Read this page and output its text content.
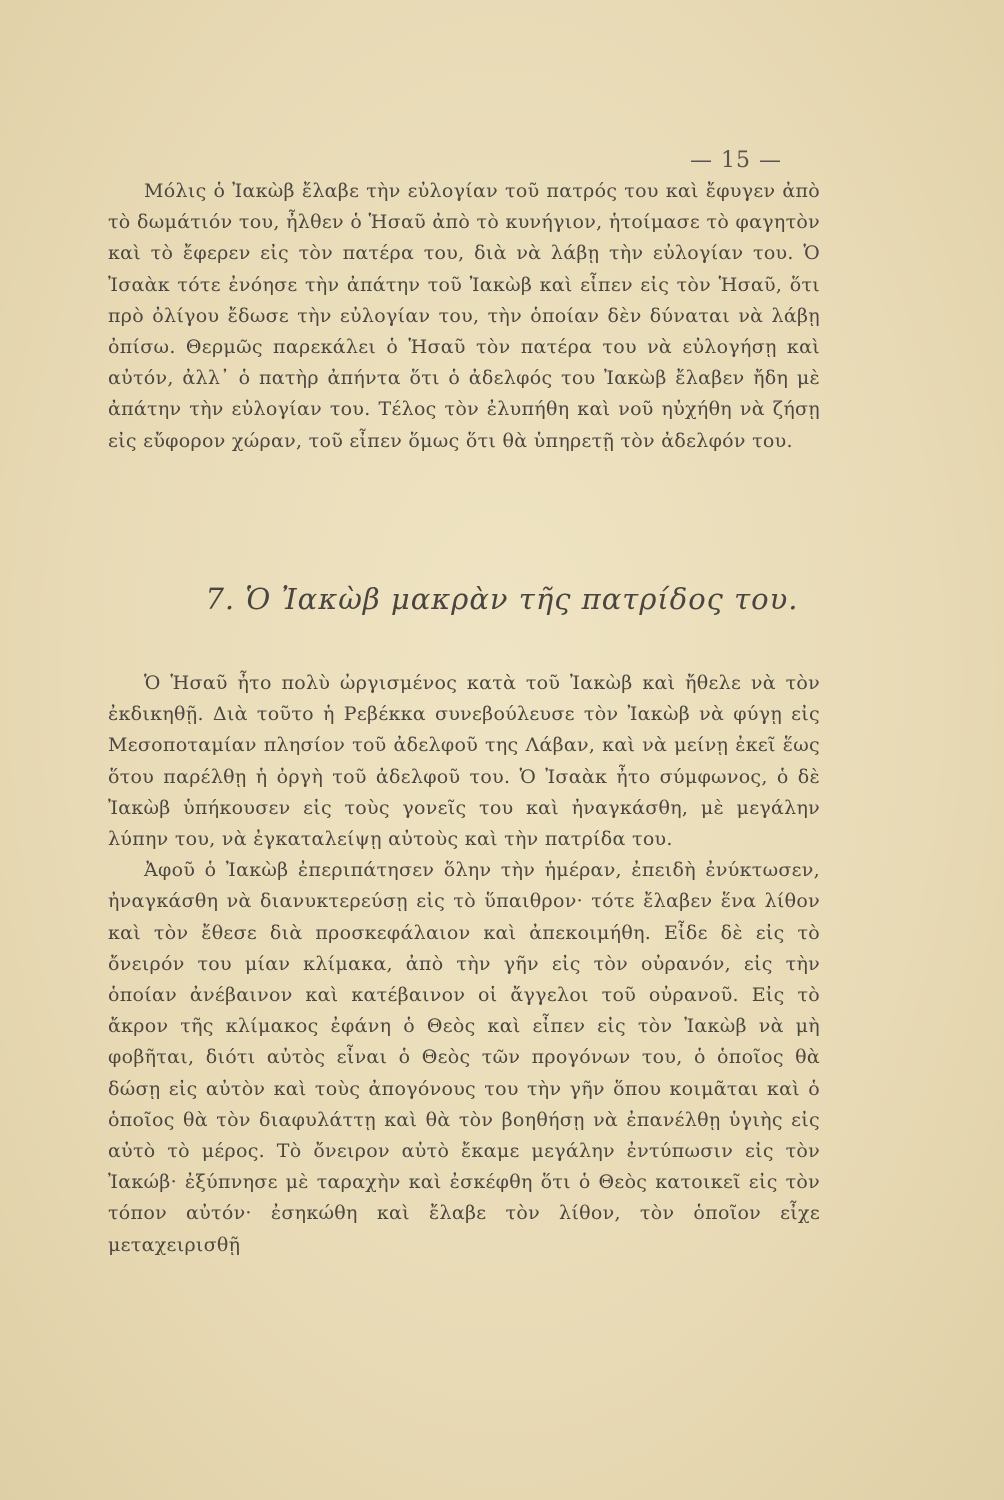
— 15 —

Μόλις ὁ Ἰακὼβ ἔλαβε τὴν εὐλογίαν τοῦ πατρός του καὶ ἔφυγεν ἀπὸ τὸ δωμάτιόν του, ἦλθεν ὁ Ἡσαῦ ἀπὸ τὸ κυνήγιον, ἡτοίμασε τὸ φαγητὸν καὶ τὸ ἔφερεν εἰς τὸν πατέρα του, διὰ νὰ λάβῃ τὴν εὐλογίαν του. Ὁ Ἰσαὰκ τότε ἐνόησε τὴν ἀπάτην τοῦ Ἰακὼβ καὶ εἶπεν εἰς τὸν Ἡσαῦ, ὅτι πρὸ ὀλίγου ἔδωσε τὴν εὐλογίαν του, τὴν ὁποίαν δὲν δύναται νὰ λάβῃ ὀπίσω. Θερμῶς παρεκάλει ὁ Ἡσαῦ τὸν πατέρα του νὰ εὐλογήσῃ καὶ αὐτόν, ἀλλ᾽ ὁ πατὴρ ἀπήντα ὅτι ὁ ἀδελφός του Ἰακὼβ ἔλαβεν ἤδη μὲ ἀπάτην τὴν εὐλογίαν του. Τέλος τὸν ἐλυπήθη καὶ νοῦ ηὐχήθη νὰ ζήσῃ εἰς εὔφορον χώραν, τοῦ εἶπεν ὅμως ὅτι θὰ ὑπηρετῇ τὸν ἀδελφόν του.

7. Ὁ Ἰακὼβ μακρὰν τῆς πατρίδος του.

Ὁ Ἡσαῦ ἦτο πολὺ ὠργισμένος κατὰ τοῦ Ἰακὼβ καὶ ἤθελε νὰ τὸν ἐκδικηθῇ. Διὰ τοῦτο ἡ Ρεβέκκα συνεβούλευσε τὸν Ἰακὼβ νὰ φύγῃ εἰς Μεσοποταμίαν πλησίον τοῦ ἀδελφοῦ της Λάβαν, καὶ νὰ μείνῃ ἐκεῖ ἕως ὅτου παρέλθῃ ἡ ὀργὴ τοῦ ἀδελφοῦ του. Ὁ Ἰσαὰκ ἦτο σύμφωνος, ὁ δὲ Ἰακὼβ ὑπήκουσεν εἰς τοὺς γονεῖς του καὶ ἠναγκάσθη, μὲ μεγάλην λύπην του, νὰ ἐγκαταλείψῃ αὐτοὺς καὶ τὴν πατρίδα του.

Ἀφοῦ ὁ Ἰακὼβ ἐπεριπάτησεν ὅλην τὴν ἡμέραν, ἐπειδὴ ἐνύκτωσεν, ἠναγκάσθη νὰ διανυκτερεύσῃ εἰς τὸ ὕπαιθρον· τότε ἔλαβεν ἕνα λίθον καὶ τὸν ἔθεσε διὰ προσκεφάλαιον καὶ ἀπεκοιμήθη. Εἶδε δὲ εἰς τὸ ὄνειρόν του μίαν κλίμακα, ἀπὸ τὴν γῆν εἰς τὸν οὐρανόν, εἰς τὴν ὁποίαν ἀνέβαινον καὶ κατέβαινον οἱ ἄγγελοι τοῦ οὐρανοῦ. Εἰς τὸ ἄκρον τῆς κλίμακος ἐφάνη ὁ Θεὸς καὶ εἶπεν εἰς τὸν Ἰακὼβ νὰ μὴ φοβῆται, διότι αὐτὸς εἶναι ὁ Θεὸς τῶν προγόνων του, ὁ ὁποῖος θὰ δώσῃ εἰς αὐτὸν καὶ τοὺς ἀπογόνους του τὴν γῆν ὅπου κοιμᾶται καὶ ὁ ὁποῖος θὰ τὸν διαφυλάττῃ καὶ θὰ τὸν βοηθήσῃ νὰ ἐπανέλθῃ ὑγιὴς εἰς αὐτὸ τὸ μέρος. Τὸ ὄνειρον αὐτὸ ἔκαμε μεγάλην ἐντύπωσιν εἰς τὸν Ἰακώβ· ἐξύπνησε μὲ ταραχὴν καὶ ἐσκέφθη ὅτι ὁ Θεὸς κατοικεῖ εἰς τὸν τόπον αὐτόν· ἐσηκώθη καὶ ἔλαβε τὸν λίθον, τὸν ὁποῖον εἶχε μεταχειρισθῇ
